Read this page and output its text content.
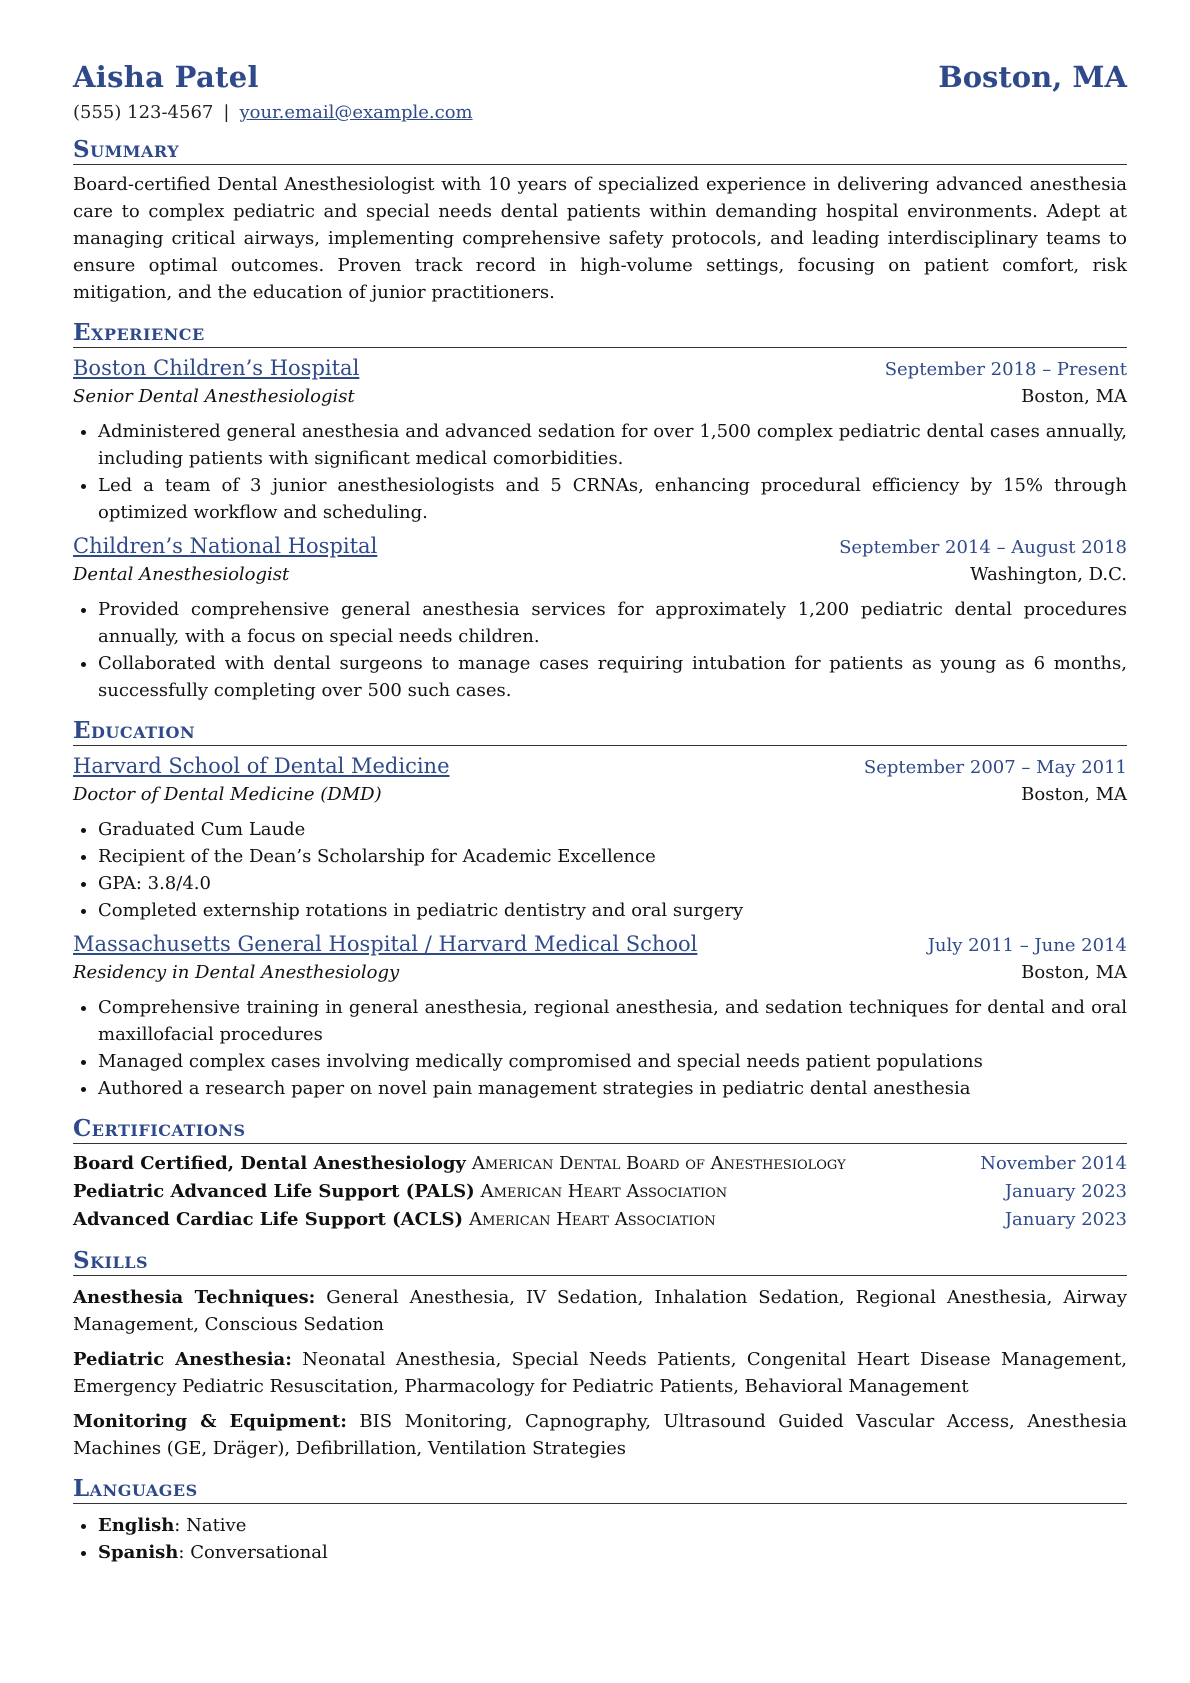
Aisha Patel	Boston, MA
(555) 123-4567 | your.email@example.com
Summary
Board-certified Dental Anesthesiologist with 10 years of specialized experience in delivering advanced anesthesia care to complex pediatric and special needs dental patients within demanding hospital environments. Adept at managing critical airways, implementing comprehensive safety protocols, and leading interdisciplinary teams to ensure optimal outcomes. Proven track record in high-volume settings, focusing on patient comfort, risk mitigation, and the education of junior practitioners.
Experience
Boston Children’s Hospital	September 2018 – Present
Senior Dental Anesthesiologist	Boston, MA
• Administered general anesthesia and advanced sedation for over 1,500 complex pediatric dental cases annually, including patients with significant medical comorbidities.
• Led a team of 3 junior anesthesiologists and 5 CRNAs, enhancing procedural efficiency by 15% through optimized workflow and scheduling.
Children’s National Hospital	September 2014 – August 2018
Dental Anesthesiologist	Washington, D.C.
• Provided comprehensive general anesthesia services for approximately 1,200 pediatric dental procedures annually, with a focus on special needs children.
• Collaborated with dental surgeons to manage cases requiring intubation for patients as young as 6 months, successfully completing over 500 such cases.
Education
Harvard School of Dental Medicine	September 2007 – May 2011
Doctor of Dental Medicine (DMD)	Boston, MA
• Graduated Cum Laude
• Recipient of the Dean’s Scholarship for Academic Excellence
• GPA: 3.8/4.0
• Completed externship rotations in pediatric dentistry and oral surgery
Massachusetts General Hospital / Harvard Medical School	July 2011 – June 2014
Residency in Dental Anesthesiology	Boston, MA
• Comprehensive training in general anesthesia, regional anesthesia, and sedation techniques for dental and oral maxillofacial procedures
• Managed complex cases involving medically compromised and special needs patient populations
• Authored a research paper on novel pain management strategies in pediatric dental anesthesia
Certifications
Board Certified, Dental Anesthesiology American Dental Board of Anesthesiology	November 2014
Pediatric Advanced Life Support (PALS) American Heart Association	January 2023
Advanced Cardiac Life Support (ACLS) American Heart Association	January 2023
Skills
Anesthesia Techniques: General Anesthesia, IV Sedation, Inhalation Sedation, Regional Anesthesia, Airway Management, Conscious Sedation
Pediatric Anesthesia: Neonatal Anesthesia, Special Needs Patients, Congenital Heart Disease Management, Emergency Pediatric Resuscitation, Pharmacology for Pediatric Patients, Behavioral Management
Monitoring & Equipment: BIS Monitoring, Capnography, Ultrasound Guided Vascular Access, Anesthesia Machines (GE, Dräger), Defibrillation, Ventilation Strategies
Languages
• English: Native
• Spanish: Conversational
